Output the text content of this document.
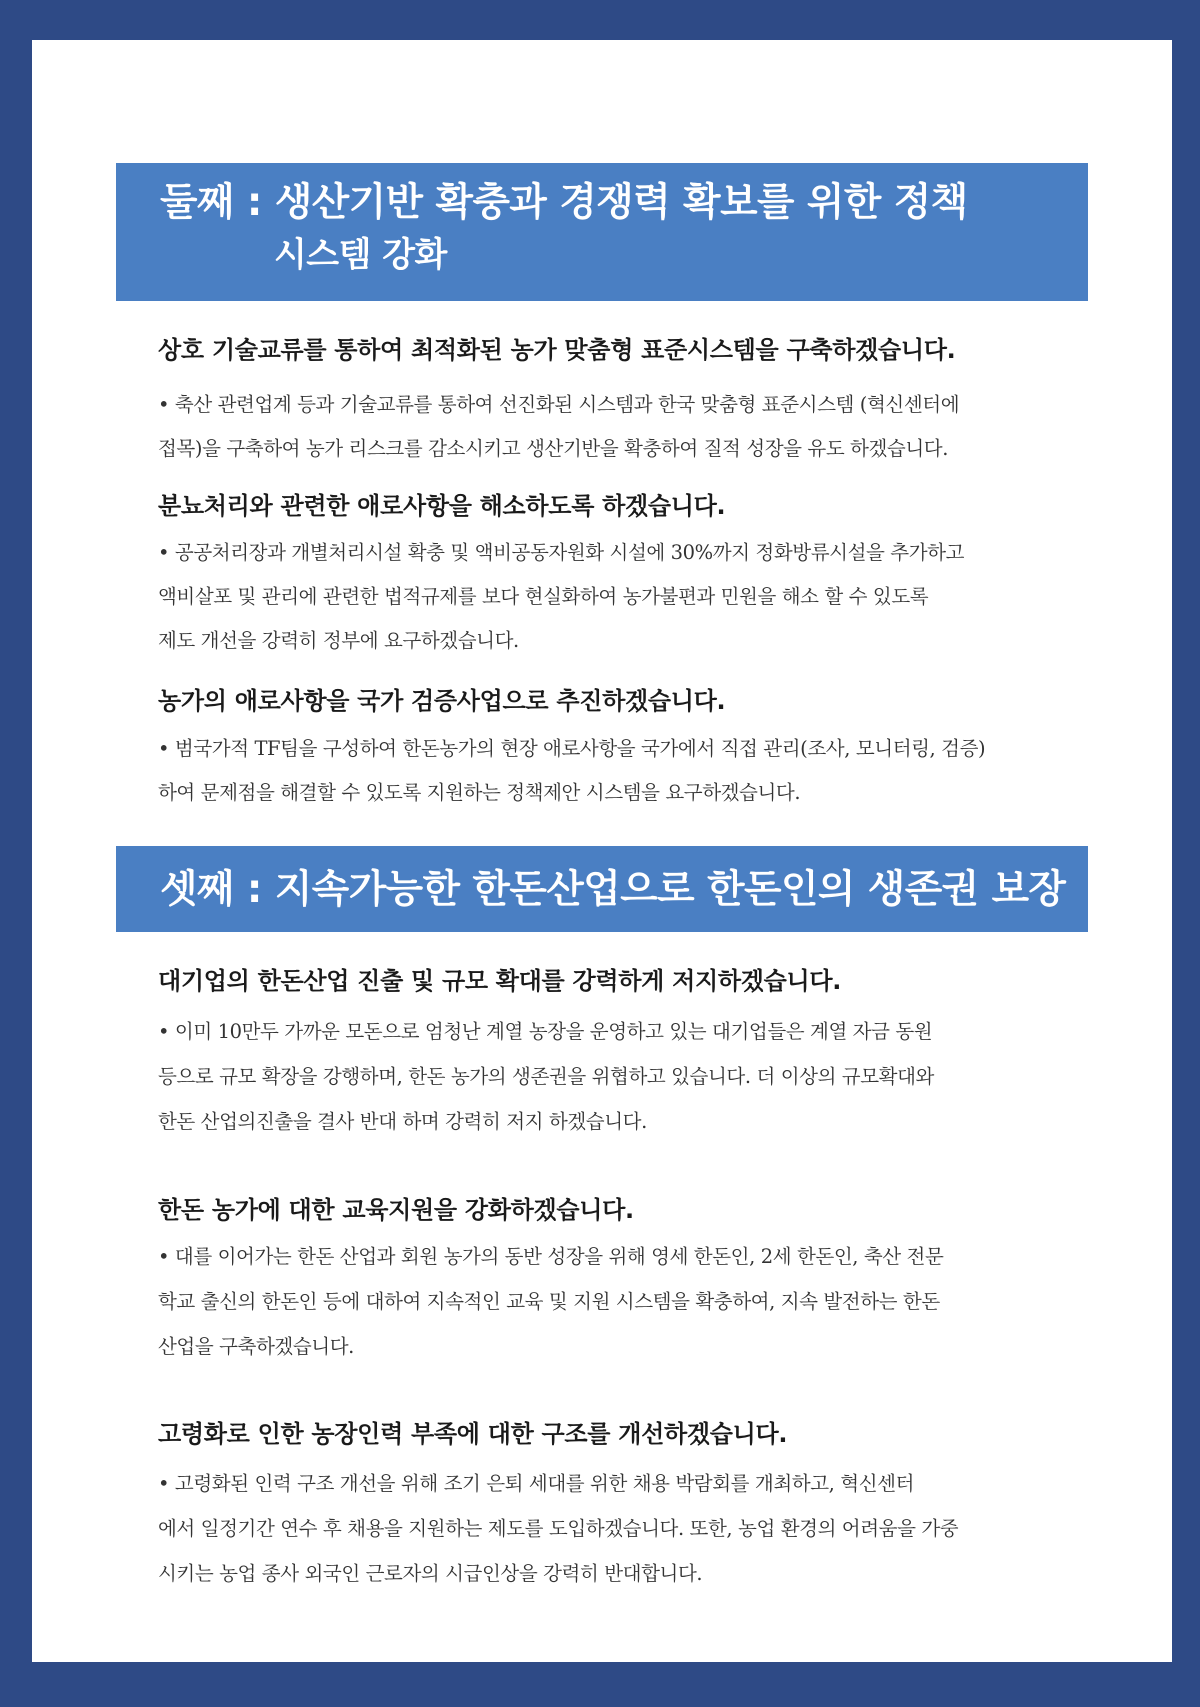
둘째 : 생산기반 확충과 경쟁력 확보를 위한 정책
시스템 강화
상호 기술교류를 통하여 최적화된 농가 맞춤형 표준시스템을 구축하겠습니다.
• 축산 관련업계 등과 기술교류를 통하여 선진화된 시스템과 한국 맞춤형 표준시스템 (혁신센터에
접목)을 구축하여 농가 리스크를 감소시키고 생산기반을 확충하여 질적 성장을 유도 하겠습니다.
분뇨처리와 관련한 애로사항을 해소하도록 하겠습니다.
• 공공처리장과 개별처리시설 확충 및 액비공동자원화 시설에 30%까지 정화방류시설을 추가하고
액비살포 및 관리에 관련한 법적규제를 보다 현실화하여 농가불편과 민원을 해소 할 수 있도록
제도 개선을 강력히 정부에 요구하겠습니다.
농가의 애로사항을 국가 검증사업으로 추진하겠습니다.
• 범국가적 TF팀을 구성하여 한돈농가의 현장 애로사항을 국가에서 직접 관리(조사, 모니터링, 검증)
하여 문제점을 해결할 수 있도록 지원하는 정책제안 시스템을 요구하겠습니다.
셋째 : 지속가능한 한돈산업으로 한돈인의 생존권 보장
대기업의 한돈산업 진출 및 규모 확대를 강력하게 저지하겠습니다.
• 이미 10만두 가까운 모돈으로 엄청난 계열 농장을 운영하고 있는 대기업들은 계열 자금 동원
등으로 규모 확장을 강행하며, 한돈 농가의 생존권을 위협하고 있습니다. 더 이상의 규모확대와
한돈 산업의진출을 결사 반대 하며 강력히 저지 하겠습니다.
한돈 농가에 대한 교육지원을 강화하겠습니다.
• 대를 이어가는 한돈 산업과 회원 농가의 동반 성장을 위해 영세 한돈인, 2세 한돈인, 축산 전문
학교 출신의 한돈인 등에 대하여 지속적인 교육 및 지원 시스템을 확충하여, 지속 발전하는 한돈
산업을 구축하겠습니다.
고령화로 인한 농장인력 부족에 대한 구조를 개선하겠습니다.
• 고령화된 인력 구조 개선을 위해 조기 은퇴 세대를 위한 채용 박람회를 개최하고, 혁신센터
에서 일정기간 연수 후 채용을 지원하는 제도를 도입하겠습니다. 또한, 농업 환경의 어려움을 가중
시키는 농업 종사 외국인 근로자의 시급인상을 강력히 반대합니다.
